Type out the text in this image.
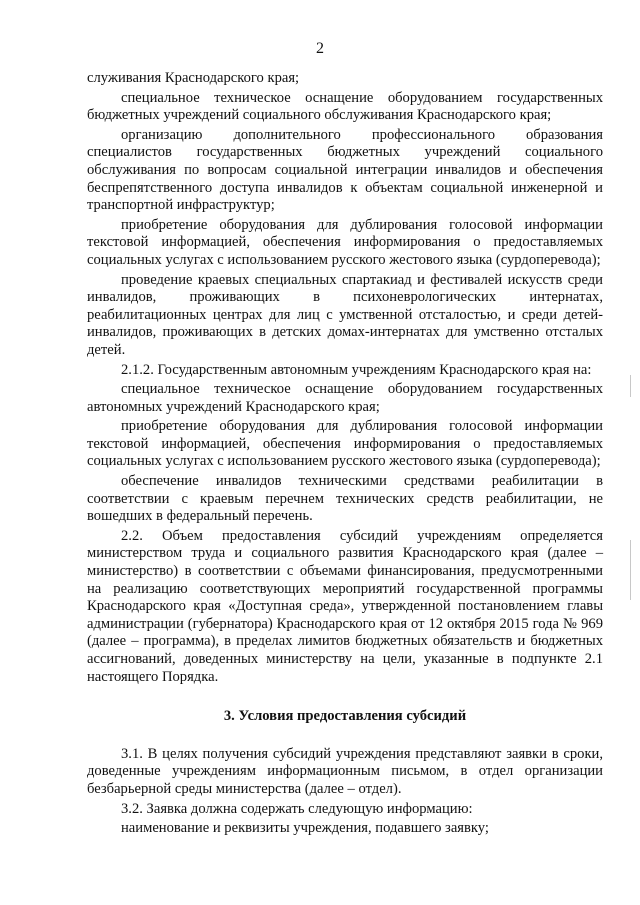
2

служивания Краснодарского края;

специальное техническое оснащение оборудованием государственных бюджетных учреждений социального обслуживания Краснодарского края;

организацию дополнительного профессионального образования специалистов государственных бюджетных учреждений социального обслуживания по вопросам социальной интеграции инвалидов и обеспечения беспрепятственного доступа инвалидов к объектам социальной инженерной и транспортной инфраструктур;

приобретение оборудования для дублирования голосовой информации текстовой информацией, обеспечения информирования о предоставляемых социальных услугах с использованием русского жестового языка (сурдоперевода);

проведение краевых специальных спартакиад и фестивалей искусств среди инвалидов, проживающих в психоневрологических интернатах, реабилитационных центрах для лиц с умственной отсталостью, и среди детей-инвалидов, проживающих в детских домах-интернатах для умственно отсталых детей.

2.1.2. Государственным автономным учреждениям Краснодарского края на:

специальное техническое оснащение оборудованием государственных автономных учреждений Краснодарского края;

приобретение оборудования для дублирования голосовой информации текстовой информацией, обеспечения информирования о предоставляемых социальных услугах с использованием русского жестового языка (сурдоперевода);

обеспечение инвалидов техническими средствами реабилитации в соответствии с краевым перечнем технических средств реабилитации, не вошедших в федеральный перечень.

2.2. Объем предоставления субсидий учреждениям определяется министерством труда и социального развития Краснодарского края (далее – министерство) в соответствии с объемами финансирования, предусмотренными на реализацию соответствующих мероприятий государственной программы Краснодарского края «Доступная среда», утвержденной постановлением главы администрации (губернатора) Краснодарского края от 12 октября 2015 года № 969 (далее – программа), в пределах лимитов бюджетных обязательств и бюджетных ассигнований, доведенных министерству на цели, указанные в подпункте 2.1 настоящего Порядка.

3. Условия предоставления субсидий

3.1. В целях получения субсидий учреждения представляют заявки в сроки, доведенные учреждениям информационным письмом, в отдел организации безбарьерной среды министерства (далее – отдел).

3.2. Заявка должна содержать следующую информацию:

наименование и реквизиты учреждения, подавшего заявку;
